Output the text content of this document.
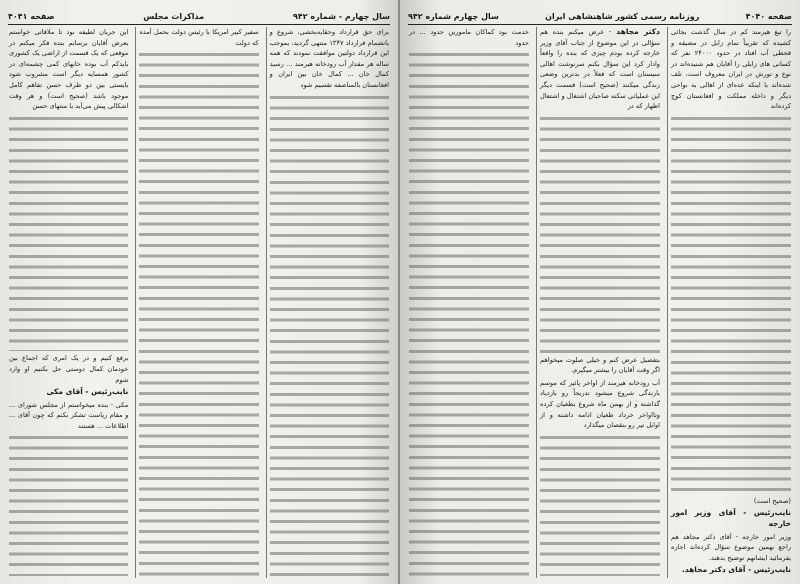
سال چهارم - شماره ۹۴۲
مذاکرات مجلس
صفحه ۴۰۴۱

برای حق قرارداد وحقابه‌بخشی، شروع و بانضمام قرارداد ۱۳۴۷ منتهی گردید، بموجب این قرارداد دولتین موافقت نمودند که همه ساله هر مقدار آب رودخانه هیرمند ... رسید کمال خان ... کمال خان بین ایران و افغانستان بالمناصفه تقسیم شود

سفیر کبیر امریکا با رئیس دولت بحمل آمده که دولت

این جریان لطیفه بود تا ملاقاتی خواستم بعرض آقایان برسانم بنده فکر میکنم در موقعی که یک قسمت از اراضی یک کشوری بایدکم آب بوده خانهای کمی چشمه‌ای در کشور همسایه دیگر است مشروب شود بایستی بین دو طرف حسن تفاهم کامل موجود باشد (صحیح است) و هر وقت اشکالی پیش می‌آید با منتهای حسن

برفع کنیم و در یک امری که اجماع بین خودمان کمال دوستی حل بکنیم او وارد شوم

نایب‌رئیس - آقای مکی

مکی - بنده میخواستم از مجلس شورای ... و مقام ریاست تشکر بکنم که چون آقای ... اطلاعات ... هستند

صفحه ۴۰۴۰
روزنامه رسمی کشور شاهنشاهی ایران
سال چهارم شماره ۹۴۲

را تیغ هیرمند کم در سال گذشت بجائی کشیده که تقریباً تمام زابل در مضیقه و قحطی آب افتاد در حدود ۲۴۰۰۰ نفر که کسانی های زابلی را آقایان هم شنیده‌اند در نوع و تورش در ایران معروف است، تلف شده‌اند با اینکه عده‌ای از اهالی به نواحی دیگر و داخله مملکت و افغانستان کوچ کرده‌اند

(صحیح است)

نایب‌رئیس - آقای وزیر امور خارجه

وزیر امور خارجه - آقای دکتر مجاهد هم راجع بهمین موضوع سؤال کرده‌اند اجازه بفرمائید ایشانهم توضیح بدهند.

نایب‌رئیس - آقای دکتر مجاهد.

دکتر مجاهد - عرض میکنم بنده هم سؤالی در این موضوع از جناب آقای وزیر خارجه کرده بودم چیزی که بنده را واقعاً وادار کرد این سؤال بکنم سرنوشت اهالی سیستان است که فعلاً در بدترین وضعی زندگی میکنند (صحیح است) قسمت دیگر این عملیاتی سکنه صاحبان اشتغال و اشتعال اظهار که در

بتفصیل عرض کنم و خیلی صلوت میخواهم اگر وقت آقایان را بیشتر میگیرم.

آب رودخانه هیرمند از اواخر پائیز که موسم بارندگی شروع میشود تدریجاً رو بازدیاد گذاشته و از بهمن ماه شروع بطغیان کرده وتااواخر خرداد طغیان ادامه داشته و از اوایل تیر رو بنقصان میگذارد

خدمت بود کماکان مامورین حدود ... در حدود
